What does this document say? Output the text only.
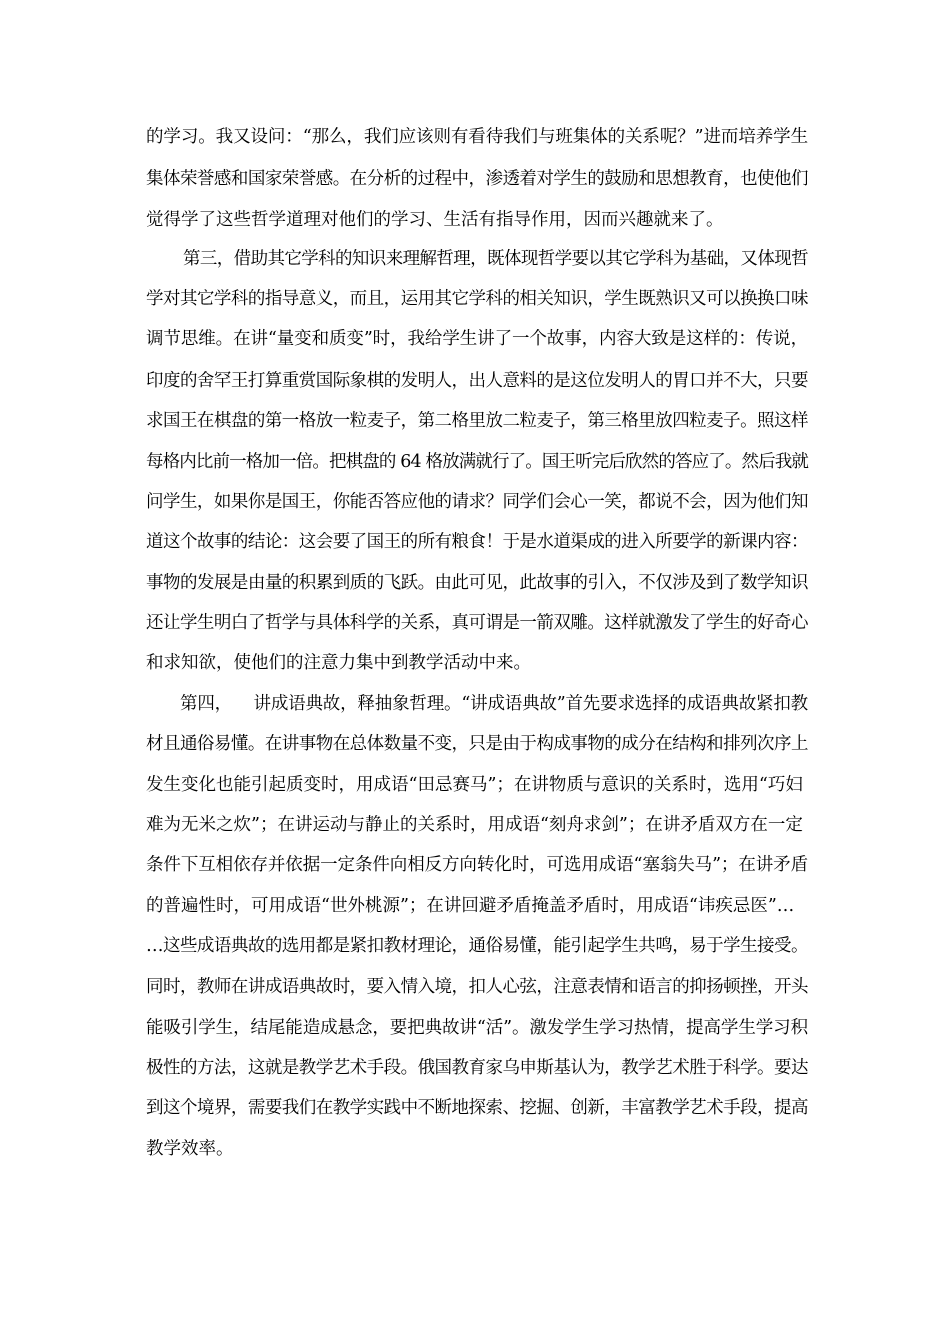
的学习。我又设问：“那么，我们应该则有看待我们与班集体的关系呢？”进而培养学生
集体荣誉感和国家荣誉感。在分析的过程中，渗透着对学生的鼓励和思想教育，也使他们
觉得学了这些哲学道理对他们的学习、生活有指导作用，因而兴趣就来了。
第三，借助其它学科的知识来理解哲理，既体现哲学要以其它学科为基础，又体现哲
学对其它学科的指导意义，而且，运用其它学科的相关知识，学生既熟识又可以换换口味
调节思维。在讲“量变和质变”时，我给学生讲了一个故事，内容大致是这样的：传说，
印度的舍罕王打算重赏国际象棋的发明人，出人意料的是这位发明人的胃口并不大，只要
求国王在棋盘的第一格放一粒麦子，第二格里放二粒麦子，第三格里放四粒麦子。照这样
每格内比前一格加一倍。把棋盘的 64 格放满就行了。国王听完后欣然的答应了。然后我就
问学生，如果你是国王，你能否答应他的请求？同学们会心一笑，都说不会，因为他们知
道这个故事的结论：这会要了国王的所有粮食！于是水道渠成的进入所要学的新课内容：
事物的发展是由量的积累到质的飞跃。由此可见，此故事的引入，不仅涉及到了数学知识
还让学生明白了哲学与具体科学的关系，真可谓是一箭双雕。这样就激发了学生的好奇心
和求知欲，使他们的注意力集中到教学活动中来。
第四，    讲成语典故，释抽象哲理。“讲成语典故”首先要求选择的成语典故紧扣教
材且通俗易懂。在讲事物在总体数量不变，只是由于构成事物的成分在结构和排列次序上
发生变化也能引起质变时，用成语“田忌赛马”；在讲物质与意识的关系时，选用“巧妇
难为无米之炊”；在讲运动与静止的关系时，用成语“刻舟求剑”；在讲矛盾双方在一定
条件下互相依存并依据一定条件向相反方向转化时，可选用成语“塞翁失马”；在讲矛盾
的普遍性时，可用成语“世外桃源”；在讲回避矛盾掩盖矛盾时，用成语“讳疾忌医”…
…这些成语典故的选用都是紧扣教材理论，通俗易懂，能引起学生共鸣，易于学生接受。
同时，教师在讲成语典故时，要入情入境，扣人心弦，注意表情和语言的抑扬顿挫，开头
能吸引学生，结尾能造成悬念，要把典故讲“活”。激发学生学习热情，提高学生学习积
极性的方法，这就是教学艺术手段。俄国教育家乌申斯基认为，教学艺术胜于科学。要达
到这个境界，需要我们在教学实践中不断地探索、挖掘、创新，丰富教学艺术手段，提高
教学效率。
